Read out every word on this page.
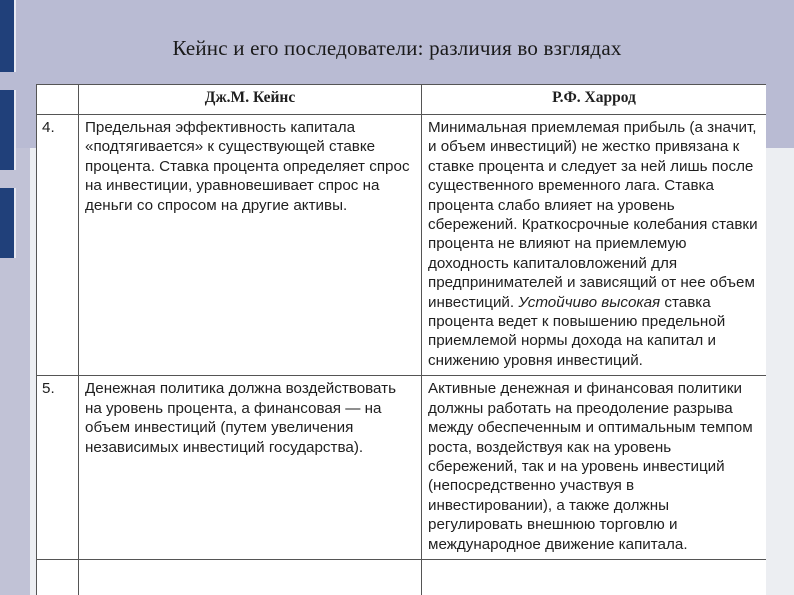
Кейнс и его последователи: различия во взглядах
	Дж.М. Кейнс	Р.Ф. Харрод
4.	Предельная эффективность капитала «подтягивается» к существующей ставке процента. Ставка процента определяет спрос на инвестиции, уравновешивает спрос на деньги со спросом на другие активы.	Минимальная приемлемая прибыль (а значит, и объем инвестиций) не жестко привязана к ставке процента и следует за ней лишь после существенного временного лага. Ставка процента слабо влияет на уровень сбережений. Краткосрочные колебания ставки процента не влияют на приемлемую доходность капиталовложений для предпринимателей и зависящий от нее объем инвестиций. Устойчиво высокая ставка процента ведет к повышению предельной приемлемой нормы дохода на капитал и снижению уровня инвестиций.
5.	Денежная политика должна воздействовать на уровень процента, а финансовая — на объем инвестиций (путем увеличения независимых инвестиций государства).	Активные денежная и финансовая политики должны работать на преодоление разрыва между обеспеченным и оптимальным темпом роста, воздействуя как на уровень сбережений, так и на уровень инвестиций (непосредственно участвуя в инвестировании), а также должны регулировать внешнюю торговлю и международное движение капитала.
